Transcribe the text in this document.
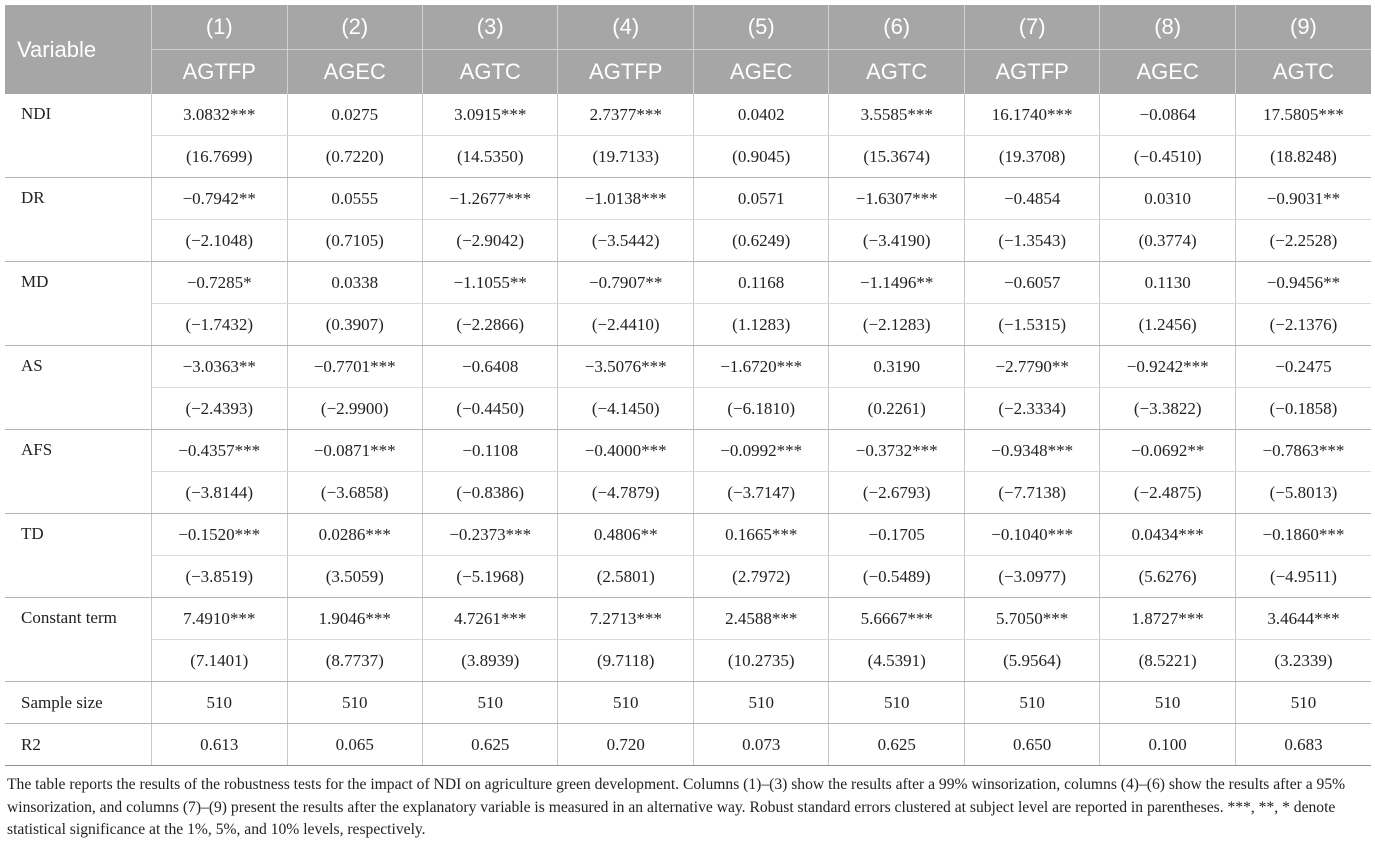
Variable	(1)	(2)	(3)	(4)	(5)	(6)	(7)	(8)	(9)
	AGTFP	AGEC	AGTC	AGTFP	AGEC	AGTC	AGTFP	AGEC	AGTC
NDI	3.0832***	0.0275	3.0915***	2.7377***	0.0402	3.5585***	16.1740***	−0.0864	17.5805***
	(16.7699)	(0.7220)	(14.5350)	(19.7133)	(0.9045)	(15.3674)	(19.3708)	(−0.4510)	(18.8248)
DR	−0.7942**	0.0555	−1.2677***	−1.0138***	0.0571	−1.6307***	−0.4854	0.0310	−0.9031**
	(−2.1048)	(0.7105)	(−2.9042)	(−3.5442)	(0.6249)	(−3.4190)	(−1.3543)	(0.3774)	(−2.2528)
MD	−0.7285*	0.0338	−1.1055**	−0.7907**	0.1168	−1.1496**	−0.6057	0.1130	−0.9456**
	(−1.7432)	(0.3907)	(−2.2866)	(−2.4410)	(1.1283)	(−2.1283)	(−1.5315)	(1.2456)	(−2.1376)
AS	−3.0363**	−0.7701***	−0.6408	−3.5076***	−1.6720***	0.3190	−2.7790**	−0.9242***	−0.2475
	(−2.4393)	(−2.9900)	(−0.4450)	(−4.1450)	(−6.1810)	(0.2261)	(−2.3334)	(−3.3822)	(−0.1858)
AFS	−0.4357***	−0.0871***	−0.1108	−0.4000***	−0.0992***	−0.3732***	−0.9348***	−0.0692**	−0.7863***
	(−3.8144)	(−3.6858)	(−0.8386)	(−4.7879)	(−3.7147)	(−2.6793)	(−7.7138)	(−2.4875)	(−5.8013)
TD	−0.1520***	0.0286***	−0.2373***	0.4806**	0.1665***	−0.1705	−0.1040***	0.0434***	−0.1860***
	(−3.8519)	(3.5059)	(−5.1968)	(2.5801)	(2.7972)	(−0.5489)	(−3.0977)	(5.6276)	(−4.9511)
Constant term	7.4910***	1.9046***	4.7261***	7.2713***	2.4588***	5.6667***	5.7050***	1.8727***	3.4644***
	(7.1401)	(8.7737)	(3.8939)	(9.7118)	(10.2735)	(4.5391)	(5.9564)	(8.5221)	(3.2339)
Sample size	510	510	510	510	510	510	510	510	510
R2	0.613	0.065	0.625	0.720	0.073	0.625	0.650	0.100	0.683
The table reports the results of the robustness tests for the impact of NDI on agriculture green development. Columns (1)–(3) show the results after a 99% winsorization, columns (4)–(6) show the results after a 95% winsorization, and columns (7)–(9) present the results after the explanatory variable is measured in an alternative way. Robust standard errors clustered at subject level are reported in parentheses. ***, **, * denote statistical significance at the 1%, 5%, and 10% levels, respectively.
